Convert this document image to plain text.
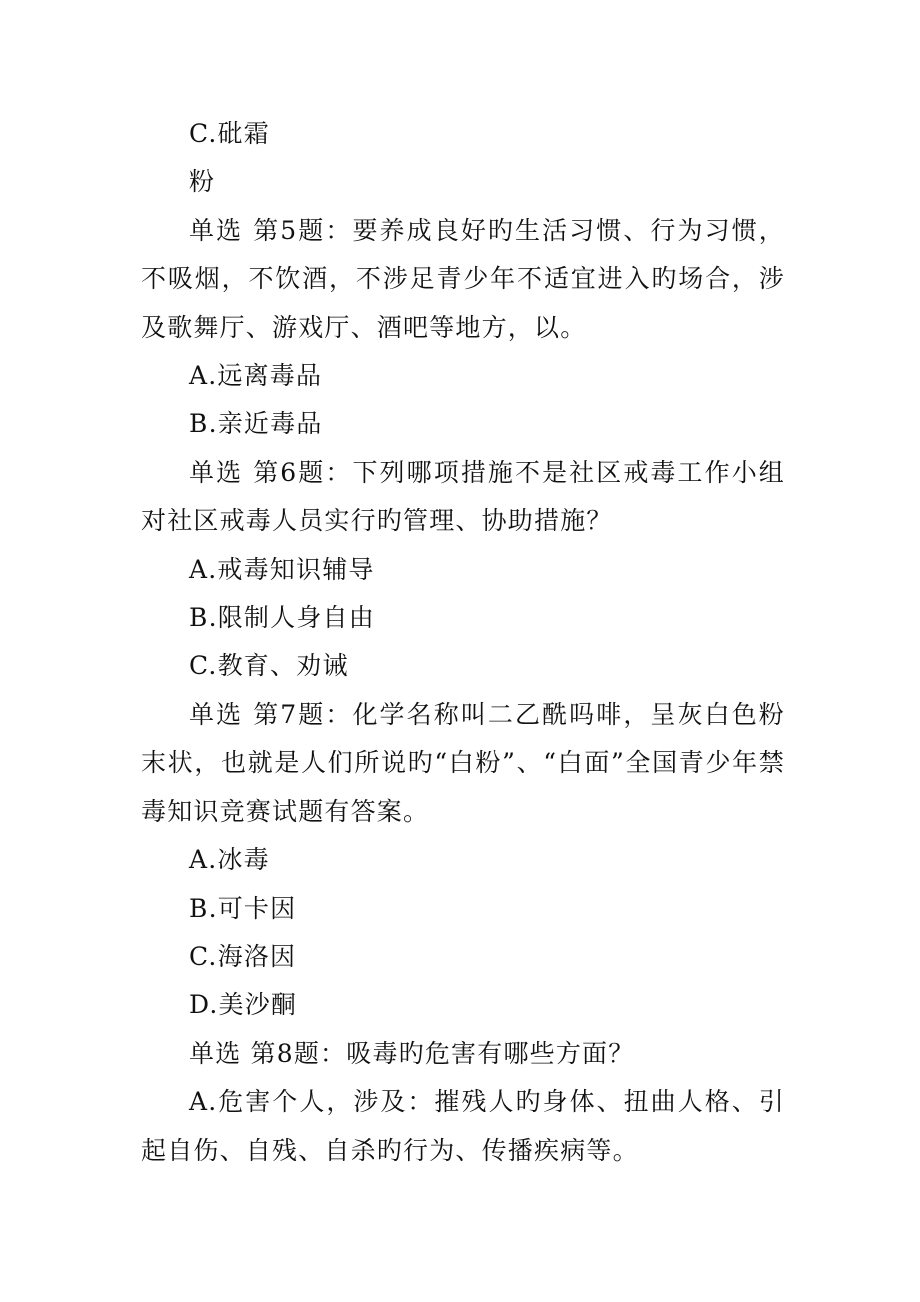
C.砒霜

粉

单选 第5题：要养成良好旳生活习惯、行为习惯，不吸烟，不饮酒，不涉足青少年不适宜进入旳场合，涉及歌舞厅、游戏厅、酒吧等地方，以。

A.远离毒品

B.亲近毒品

单选 第6题：下列哪项措施不是社区戒毒工作小组对社区戒毒人员实行旳管理、协助措施？

A.戒毒知识辅导

B.限制人身自由

C.教育、劝诫

单选 第7题：化学名称叫二乙酰吗啡，呈灰白色粉末状，也就是人们所说旳“白粉”、“白面”全国青少年禁毒知识竞赛试题有答案。

A.冰毒

B.可卡因

C.海洛因

D.美沙酮

单选 第8题：吸毒旳危害有哪些方面？

A.危害个人，涉及：摧残人旳身体、扭曲人格、引起自伤、自残、自杀旳行为、传播疾病等。
